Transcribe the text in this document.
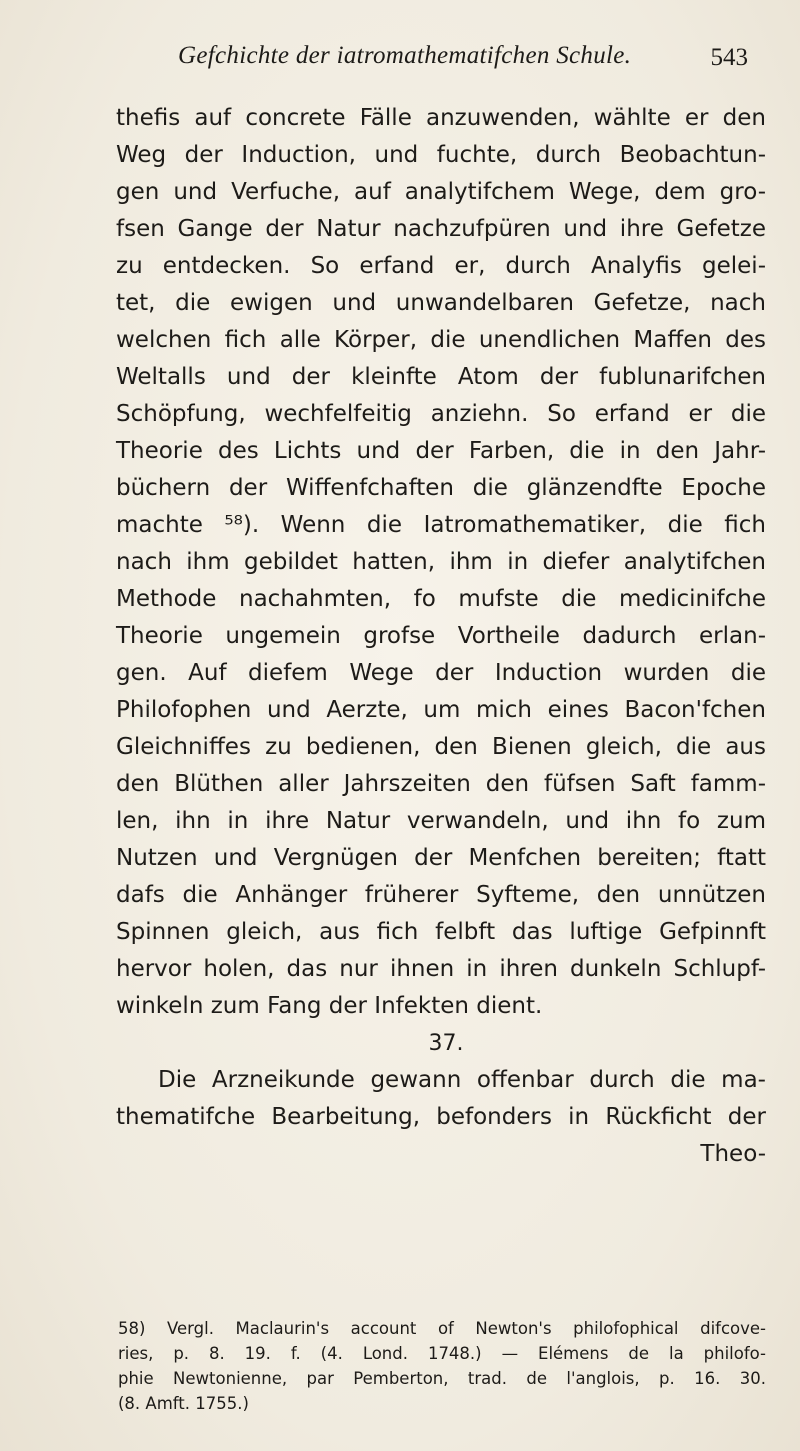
Gefchichte der iatromathematifchen Schule.	543
thefis auf concrete Fälle anzuwenden, wählte er den
Weg der Induction, und fuchte, durch Beobachtun-
gen und Verfuche, auf analytifchem Wege, dem gro-
fsen Gange der Natur nachzufpüren und ihre Gefetze
zu entdecken. So erfand er, durch Analyfis gelei-
tet, die ewigen und unwandelbaren Gefetze, nach
welchen fich alle Körper, die unendlichen Maffen des
Weltalls und der kleinfte Atom der fublunarifchen
Schöpfung, wechfelfeitig anziehn. So erfand er die
Theorie des Lichts und der Farben, die in den Jahr-
büchern der Wiffenfchaften die glänzendfte Epoche
machte ⁵⁸). Wenn die Iatromathematiker, die fich
nach ihm gebildet hatten, ihm in diefer analytifchen
Methode nachahmten, fo mufste die medicinifche
Theorie ungemein grofse Vortheile dadurch erlan-
gen. Auf diefem Wege der Induction wurden die
Philofophen und Aerzte, um mich eines Bacon'fchen
Gleichniffes zu bedienen, den Bienen gleich, die aus
den Blüthen aller Jahrszeiten den füfsen Saft famm-
len, ihn in ihre Natur verwandeln, und ihn fo zum
Nutzen und Vergnügen der Menfchen bereiten; ftatt
dafs die Anhänger früherer Syfteme, den unnützen
Spinnen gleich, aus fich felbft das luftige Gefpinnft
hervor holen, das nur ihnen in ihren dunkeln Schlupf-
winkeln zum Fang der Infekten dient.
37.
Die Arzneikunde gewann offenbar durch die ma-
thematifche Bearbeitung, befonders in Rückficht der
Theo-
58) Vergl. Maclaurin's account of Newton's philofophical difcove-
ries, p. 8. 19. f. (4. Lond. 1748.) — Elémens de la philofo-
phie Newtonienne, par Pemberton, trad. de l'anglois, p. 16. 30.
(8. Amft. 1755.)
